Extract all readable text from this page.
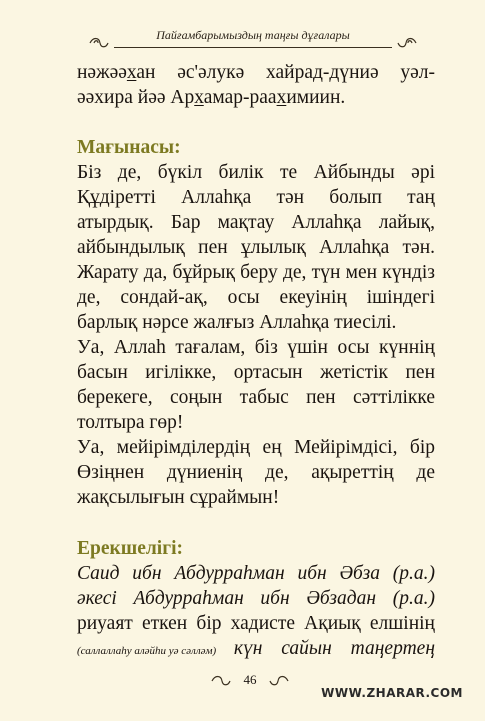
Пайғамбарымыздың таңғы дұғалары

нәжәәхан әс'әлукә хайрад-дүниә уәл-

әәхира йәә Архамар-раахимиин.

Мағынасы:

Біз де, бүкіл билік те Айбынды әрі Құдіретті Аллаһқа тән болып таң атырдық. Бар мақтау Аллаһқа лайық, айбындылық пен ұлылық Аллаһқа тән. Жарату да, бұйрық беру де, түн мен күндіз де, сондай-ақ, осы екеуінің ішіндегі барлық нәрсе жалғыз Аллаһқа тиесілі.

Уа, Аллаһ тағалам, біз үшін осы күннің басын игілікке, ортасын жетістік пен берекеге, соңын табыс пен сәттілікке толтыра гөр!

Уа, мейірімділердің ең Мейірімдісі, бір Өзіңнен дүниенің де, ақыреттің де жақсылығын сұраймын!

Ерекшелігі:

Саид ибн Абдурраһман ибн Әбза (р.а.)

әкесі Абдурраһман ибн Әбзадан (р.а.)

риуаят еткен бір хадисте Ақиық елшінің

(саллаллаһу аләйһи уә сәлләм) күн сайын таңертең

46
WWW.ZHARAR.COM
